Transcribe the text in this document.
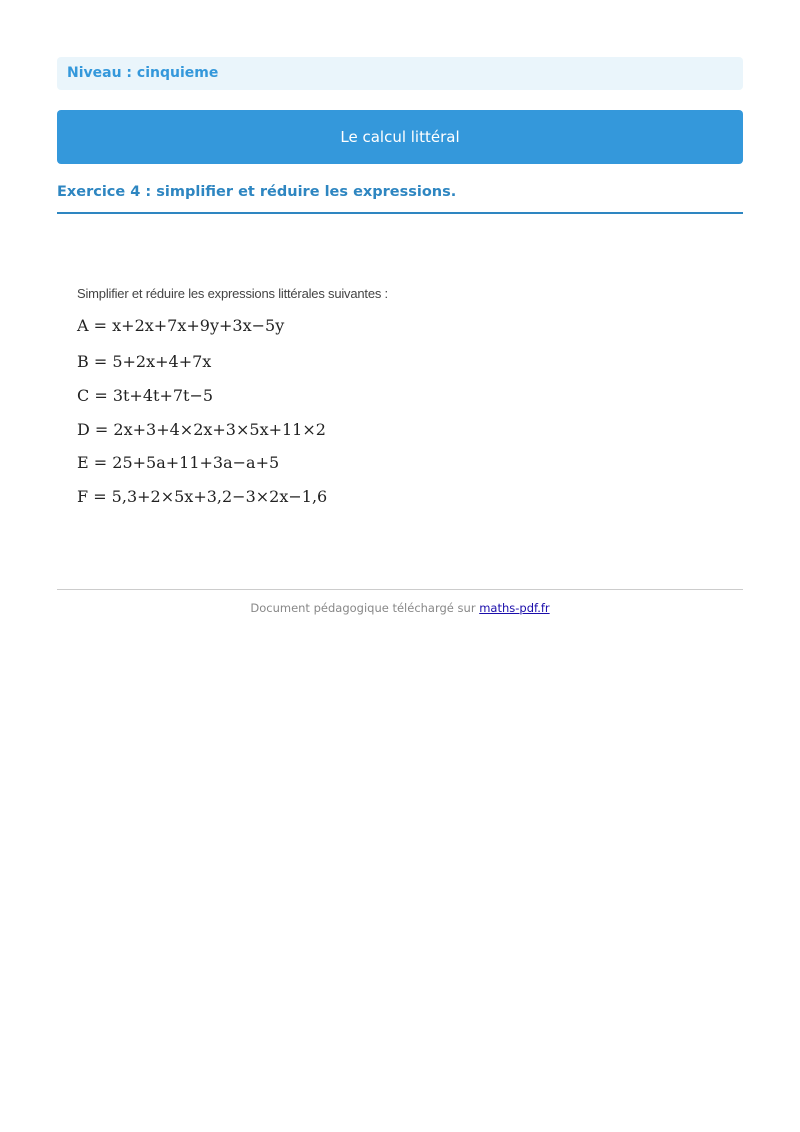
Niveau : cinquieme
Le calcul littéral
Exercice 4 : simplifier et réduire les expressions.
Simplifier et réduire les expressions littérales suivantes :
A = x+2x+7x+9y+3x−5y
B = 5+2x+4+7x
C = 3t+4t+7t−5
D = 2x+3+4×2x+3×5x+11×2
E = 25+5a+11+3a−a+5
F = 5,3+2×5x+3,2−3×2x−1,6
Document pédagogique téléchargé sur maths-pdf.fr
